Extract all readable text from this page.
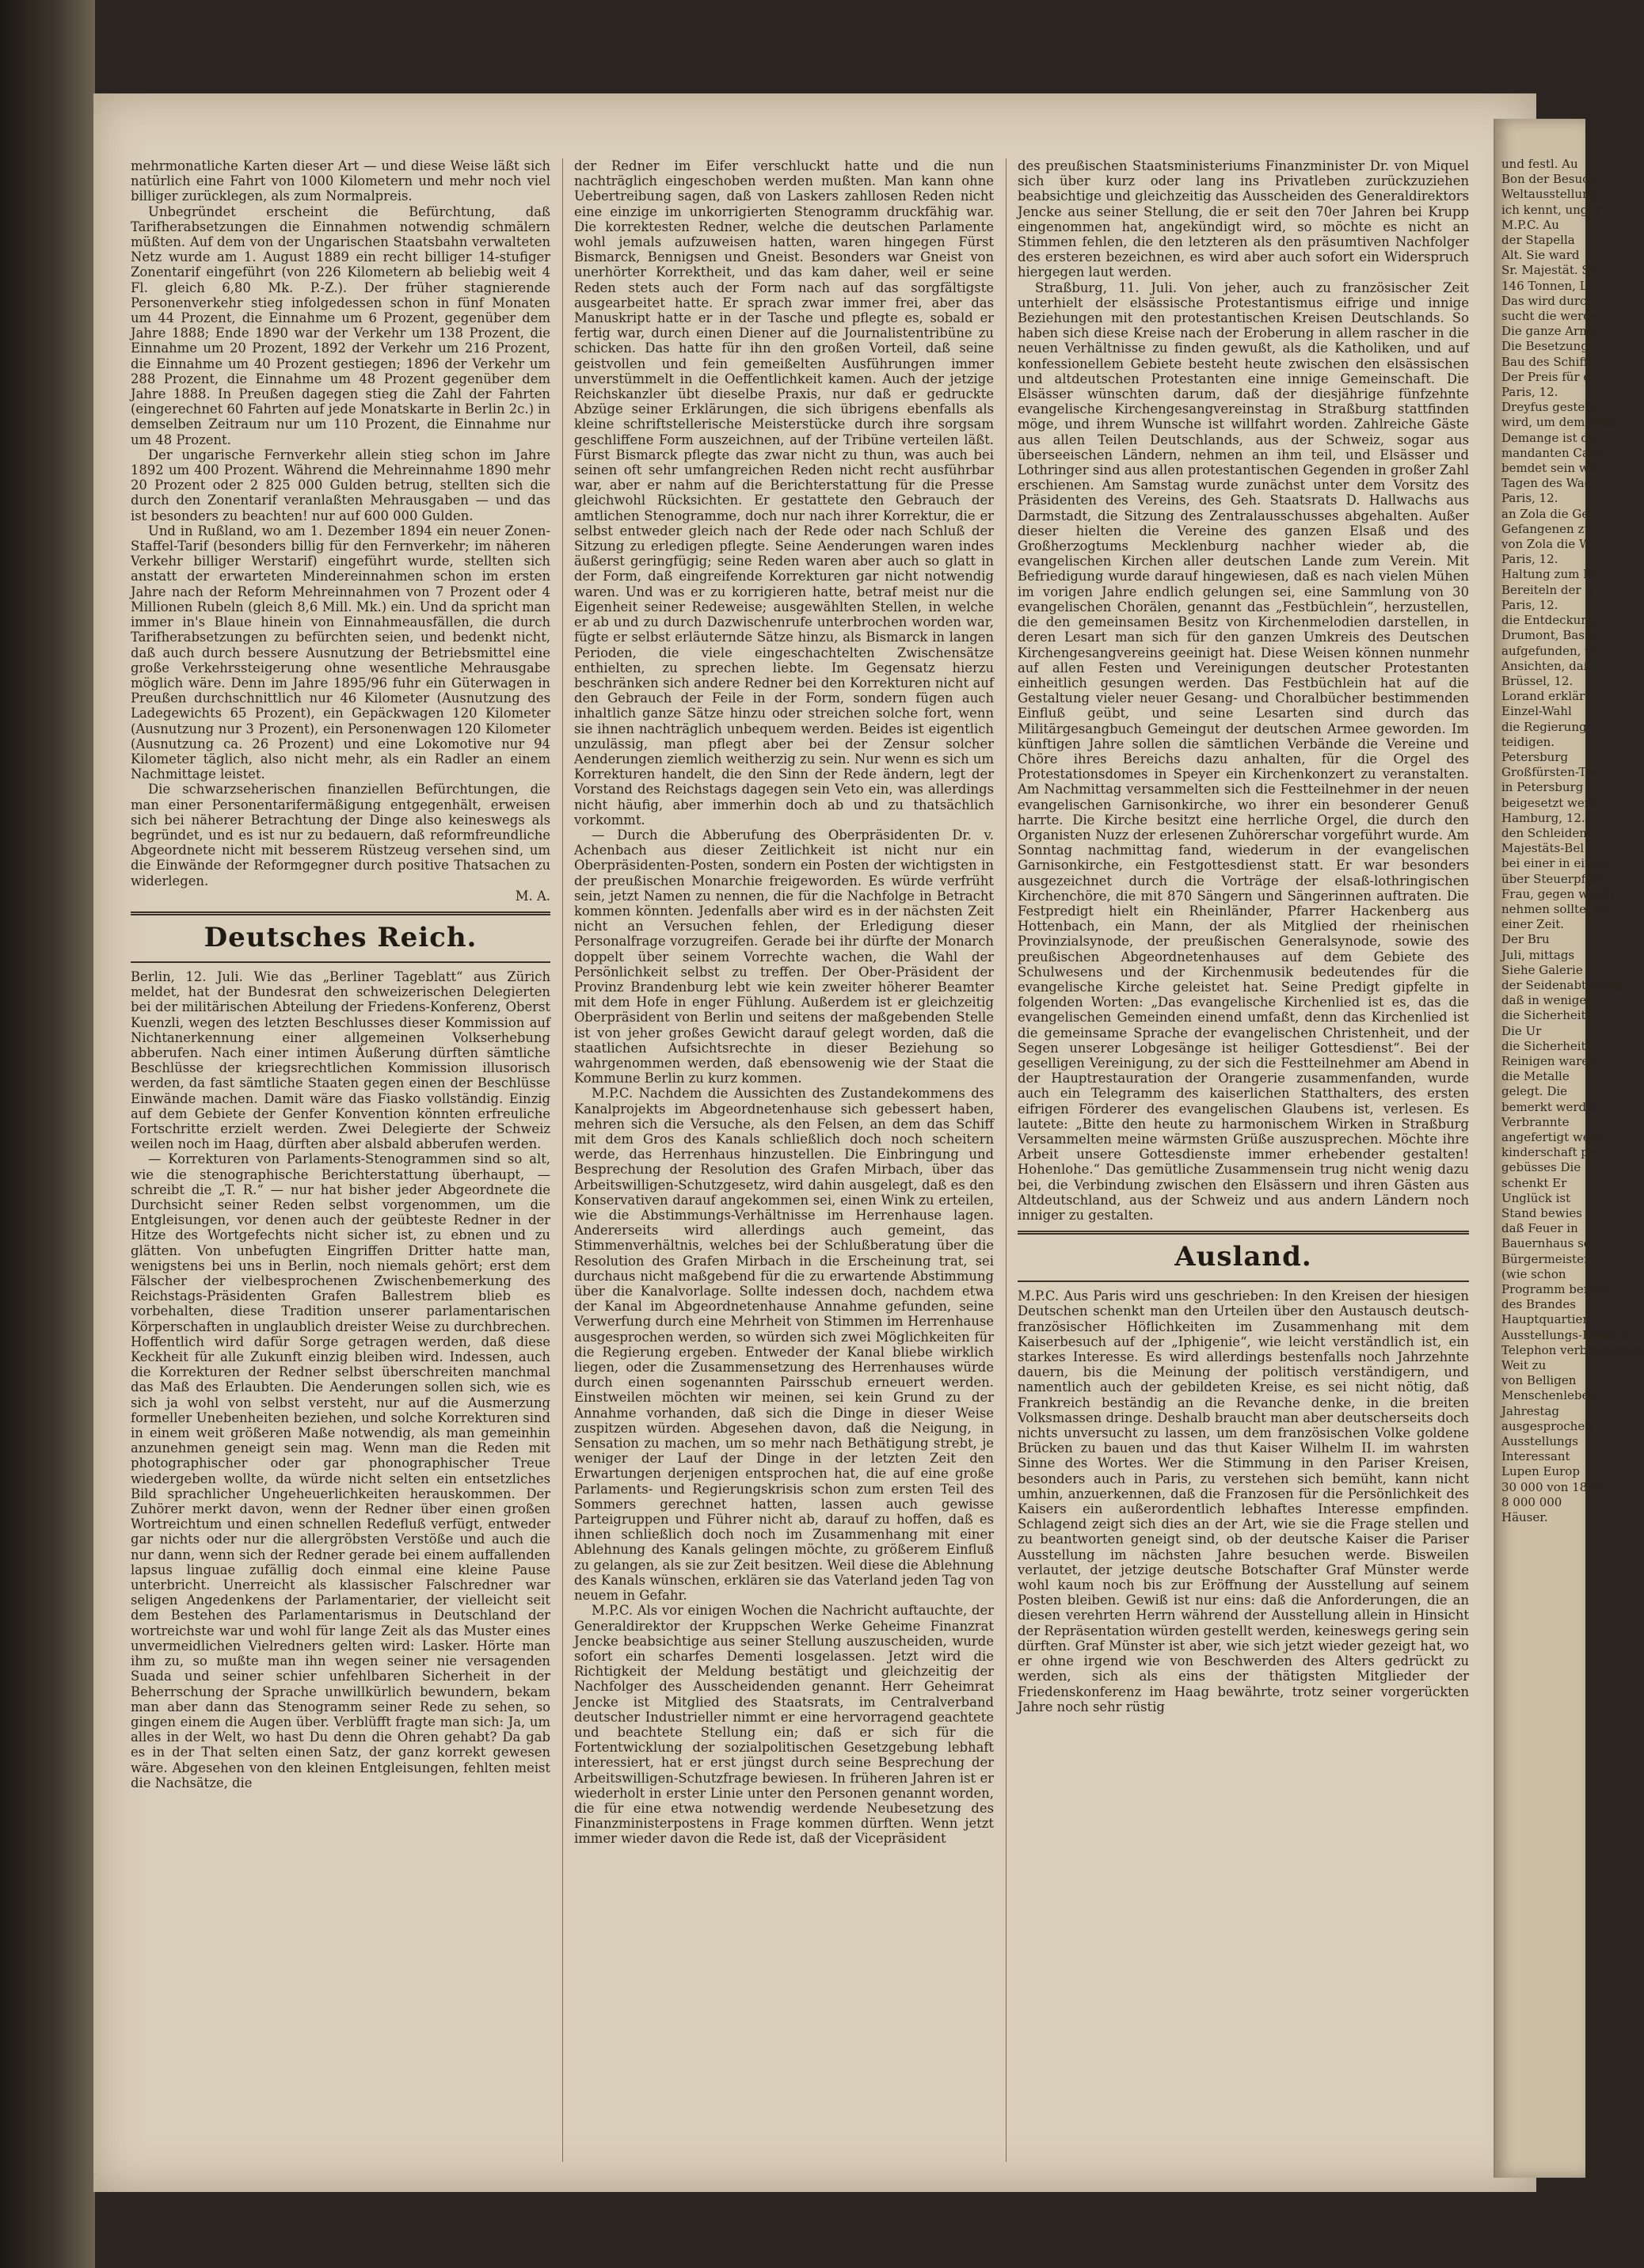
mehrmonatliche Karten dieser Art — und diese Weise läßt sich natürlich eine Fahrt von 1000 Kilometern und mehr noch viel billiger zurücklegen, als zum Normalpreis.

Unbegründet erscheint die Befürchtung, daß Tarifherabsetzungen die Einnahmen notwendig schmälern müßten. Auf dem von der Ungarischen Staatsbahn verwalteten Netz wurde am 1. August 1889 ein recht billiger 14-stufiger Zonentarif eingeführt (von 226 Kilometern ab beliebig weit 4 Fl. gleich 6,80 Mk. P.-Z.). Der früher stagnierende Personenverkehr stieg infolgedessen schon in fünf Monaten um 44 Prozent, die Einnahme um 6 Prozent, gegenüber dem Jahre 1888; Ende 1890 war der Verkehr um 138 Prozent, die Einnahme um 20 Prozent, 1892 der Verkehr um 216 Prozent, die Einnahme um 40 Prozent gestiegen; 1896 der Verkehr um 288 Prozent, die Einnahme um 48 Prozent gegenüber dem Jahre 1888. In Preußen dagegen stieg die Zahl der Fahrten (eingerechnet 60 Fahrten auf jede Monatskarte in Berlin 2c.) in demselben Zeitraum nur um 110 Prozent, die Einnahme nur um 48 Prozent.

Der ungarische Fernverkehr allein stieg schon im Jahre 1892 um 400 Prozent. Während die Mehreinnahme 1890 mehr 20 Prozent oder 2 825 000 Gulden betrug, stellten sich die durch den Zonentarif veranlaßten Mehrausgaben — und das ist besonders zu beachten! nur auf 600 000 Gulden.

Und in Rußland, wo am 1. Dezember 1894 ein neuer Zonen-Staffel-Tarif (besonders billig für den Fernverkehr; im näheren Verkehr billiger Werstarif) eingeführt wurde, stellten sich anstatt der erwarteten Mindereinnahmen schon im ersten Jahre nach der Reform Mehreinnahmen von 7 Prozent oder 4 Millionen Rubeln (gleich 8,6 Mill. Mk.) ein. Und da spricht man immer in's Blaue hinein von Einnahmeausfällen, die durch Tarifherabsetzungen zu befürchten seien, und bedenkt nicht, daß auch durch bessere Ausnutzung der Betriebsmittel eine große Verkehrssteigerung ohne wesentliche Mehrausgabe möglich wäre. Denn im Jahre 1895/96 fuhr ein Güterwagen in Preußen durchschnittlich nur 46 Kilometer (Ausnutzung des Ladegewichts 65 Prozent), ein Gepäckwagen 120 Kilometer (Ausnutzung nur 3 Prozent), ein Personenwagen 120 Kilometer (Ausnutzung ca. 26 Prozent) und eine Lokomotive nur 94 Kilometer täglich, also nicht mehr, als ein Radler an einem Nachmittage leistet.

Die schwarzseherischen finanziellen Befürchtungen, die man einer Personentarifermäßigung entgegenhält, erweisen sich bei näherer Betrachtung der Dinge also keineswegs als begründet, und es ist nur zu bedauern, daß reformfreundliche Abgeordnete nicht mit besserem Rüstzeug versehen sind, um die Einwände der Reformgegner durch positive Thatsachen zu widerlegen.

M. A.

Deutsches Reich.

Berlin, 12. Juli. Wie das „Berliner Tageblatt“ aus Zürich meldet, hat der Bundesrat den schweizerischen Delegierten bei der militärischen Abteilung der Friedens-Konferenz, Oberst Kuenzli, wegen des letzten Beschlusses dieser Kommission auf Nichtanerkennung einer allgemeinen Volkserhebung abberufen. Nach einer intimen Äußerung dürften sämtliche Beschlüsse der kriegsrechtlichen Kommission illusorisch werden, da fast sämtliche Staaten gegen einen der Beschlüsse Einwände machen. Damit wäre das Fiasko vollständig. Einzig auf dem Gebiete der Genfer Konvention könnten erfreuliche Fortschritte erzielt werden. Zwei Delegierte der Schweiz weilen noch im Haag, dürften aber alsbald abberufen werden.

— Korrekturen von Parlaments-Stenogrammen sind so alt, wie die stenographische Berichterstattung überhaupt, — schreibt die „T. R.“ — nur hat bisher jeder Abgeordnete die Durchsicht seiner Reden selbst vorgenommen, um die Entgleisungen, vor denen auch der geübteste Redner in der Hitze des Wortgefechts nicht sicher ist, zu ebnen und zu glätten. Von unbefugten Eingriffen Dritter hatte man, wenigstens bei uns in Berlin, noch niemals gehört; erst dem Fälscher der vielbesprochenen Zwischenbemerkung des Reichstags-Präsidenten Grafen Ballestrem blieb es vorbehalten, diese Tradition unserer parlamentarischen Körperschaften in unglaublich dreister Weise zu durchbrechen. Hoffentlich wird dafür Sorge getragen werden, daß diese Keckheit für alle Zukunft einzig bleiben wird. Indessen, auch die Korrekturen der Redner selbst überschreiten manchmal das Maß des Erlaubten. Die Aenderungen sollen sich, wie es sich ja wohl von selbst versteht, nur auf die Ausmerzung formeller Unebenheiten beziehen, und solche Korrekturen sind in einem weit größeren Maße notwendig, als man gemeinhin anzunehmen geneigt sein mag. Wenn man die Reden mit photographischer oder gar phonographischer Treue wiedergeben wollte, da würde nicht selten ein entsetzliches Bild sprachlicher Ungeheuerlichkeiten herauskommen. Der Zuhörer merkt davon, wenn der Redner über einen großen Wortreichtum und einen schnellen Redefluß verfügt, entweder gar nichts oder nur die allergröbsten Verstöße und auch die nur dann, wenn sich der Redner gerade bei einem auffallenden lapsus linguae zufällig doch einmal eine kleine Pause unterbricht. Unerreicht als klassischer Falschredner war seligen Angedenkens der Parlamentarier, der vielleicht seit dem Bestehen des Parlamentarismus in Deutschland der wortreichste war und wohl für lange Zeit als das Muster eines unvermeidlichen Vielredners gelten wird: Lasker. Hörte man ihm zu, so mußte man ihn wegen seiner nie versagenden Suada und seiner schier unfehlbaren Sicherheit in der Beherrschung der Sprache unwillkürlich bewundern, bekam man aber dann das Stenogramm seiner Rede zu sehen, so gingen einem die Augen über. Verblüfft fragte man sich: Ja, um alles in der Welt, wo hast Du denn die Ohren gehabt? Da gab es in der That selten einen Satz, der ganz korrekt gewesen wäre. Abgesehen von den kleinen Entgleisungen, fehlten meist die Nachsätze, die

der Redner im Eifer verschluckt hatte und die nun nachträglich eingeschoben werden mußten. Man kann ohne Uebertreibung sagen, daß von Laskers zahllosen Reden nicht eine einzige im unkorrigierten Stenogramm druckfähig war. Die korrektesten Redner, welche die deutschen Parlamente wohl jemals aufzuweisen hatten, waren hingegen Fürst Bismarck, Bennigsen und Gneist. Besonders war Gneist von unerhörter Korrektheit, und das kam daher, weil er seine Reden stets auch der Form nach auf das sorgfältigste ausgearbeitet hatte. Er sprach zwar immer frei, aber das Manuskript hatte er in der Tasche und pflegte es, sobald er fertig war, durch einen Diener auf die Journalistentribüne zu schicken. Das hatte für ihn den großen Vorteil, daß seine geistvollen und fein gemeißelten Ausführungen immer unverstümmelt in die Oeffentlichkeit kamen. Auch der jetzige Reichskanzler übt dieselbe Praxis, nur daß er gedruckte Abzüge seiner Erklärungen, die sich übrigens ebenfalls als kleine schriftstellerische Meisterstücke durch ihre sorgsam geschliffene Form auszeichnen, auf der Tribüne verteilen läßt. Fürst Bismarck pflegte das zwar nicht zu thun, was auch bei seinen oft sehr umfangreichen Reden nicht recht ausführbar war, aber er nahm auf die Berichterstattung für die Presse gleichwohl Rücksichten. Er gestattete den Gebrauch der amtlichen Stenogramme, doch nur nach ihrer Korrektur, die er selbst entweder gleich nach der Rede oder nach Schluß der Sitzung zu erledigen pflegte. Seine Aenderungen waren indes äußerst geringfügig; seine Reden waren aber auch so glatt in der Form, daß eingreifende Korrekturen gar nicht notwendig waren. Und was er zu korrigieren hatte, betraf meist nur die Eigenheit seiner Redeweise; ausgewählten Stellen, in welche er ab und zu durch Dazwischenrufe unterbrochen worden war, fügte er selbst erläuternde Sätze hinzu, als Bismarck in langen Perioden, die viele eingeschachtelten Zwischensätze enthielten, zu sprechen liebte. Im Gegensatz hierzu beschränken sich andere Redner bei den Korrekturen nicht auf den Gebrauch der Feile in der Form, sondern fügen auch inhaltlich ganze Sätze hinzu oder streichen solche fort, wenn sie ihnen nachträglich unbequem werden. Beides ist eigentlich unzulässig, man pflegt aber bei der Zensur solcher Aenderungen ziemlich weitherzig zu sein. Nur wenn es sich um Korrekturen handelt, die den Sinn der Rede ändern, legt der Vorstand des Reichstags dagegen sein Veto ein, was allerdings nicht häufig, aber immerhin doch ab und zu thatsächlich vorkommt.

— Durch die Abberufung des Oberpräsidenten Dr. v. Achenbach aus dieser Zeitlichkeit ist nicht nur ein Oberpräsidenten-Posten, sondern ein Posten der wichtigsten in der preußischen Monarchie freigeworden. Es würde verfrüht sein, jetzt Namen zu nennen, die für die Nachfolge in Betracht kommen könnten. Jedenfalls aber wird es in der nächsten Zeit nicht an Versuchen fehlen, der Erledigung dieser Personalfrage vorzugreifen. Gerade bei ihr dürfte der Monarch doppelt über seinem Vorrechte wachen, die Wahl der Persönlichkeit selbst zu treffen. Der Ober-Präsident der Provinz Brandenburg lebt wie kein zweiter höherer Beamter mit dem Hofe in enger Fühlung. Außerdem ist er gleichzeitig Oberpräsident von Berlin und seitens der maßgebenden Stelle ist von jeher großes Gewicht darauf gelegt worden, daß die staatlichen Aufsichtsrechte in dieser Beziehung so wahrgenommen werden, daß ebensowenig wie der Staat die Kommune Berlin zu kurz kommen.

M.P.C. Nachdem die Aussichten des Zustandekommens des Kanalprojekts im Abgeordnetenhause sich gebessert haben, mehren sich die Versuche, als den Felsen, an dem das Schiff mit dem Gros des Kanals schließlich doch noch scheitern werde, das Herrenhaus hinzustellen. Die Einbringung und Besprechung der Resolution des Grafen Mirbach, über das Arbeitswilligen-Schutzgesetz, wird dahin ausgelegt, daß es den Konservativen darauf angekommen sei, einen Wink zu erteilen, wie die Abstimmungs-Verhältnisse im Herrenhause lagen. Andererseits wird allerdings auch gemeint, das Stimmenverhältnis, welches bei der Schlußberatung über die Resolution des Grafen Mirbach in die Erscheinung trat, sei durchaus nicht maßgebend für die zu erwartende Abstimmung über die Kanalvorlage. Sollte indessen doch, nachdem etwa der Kanal im Abgeordnetenhause Annahme gefunden, seine Verwerfung durch eine Mehrheit von Stimmen im Herrenhause ausgesprochen werden, so würden sich zwei Möglichkeiten für die Regierung ergeben. Entweder der Kanal bliebe wirklich liegen, oder die Zusammensetzung des Herrenhauses würde durch einen sogenannten Pairsschub erneuert werden. Einstweilen möchten wir meinen, sei kein Grund zu der Annahme vorhanden, daß sich die Dinge in dieser Weise zuspitzen würden. Abgesehen davon, daß die Neigung, in Sensation zu machen, um so mehr nach Bethätigung strebt, je weniger der Lauf der Dinge in der letzten Zeit den Erwartungen derjenigen entsprochen hat, die auf eine große Parlaments- und Regierungskrisis schon zum ersten Teil des Sommers gerechnet hatten, lassen auch gewisse Parteigruppen und Führer nicht ab, darauf zu hoffen, daß es ihnen schließlich doch noch im Zusammenhang mit einer Ablehnung des Kanals gelingen möchte, zu größerem Einfluß zu gelangen, als sie zur Zeit besitzen. Weil diese die Ablehnung des Kanals wünschen, erklären sie das Vaterland jeden Tag von neuem in Gefahr.

M.P.C. Als vor einigen Wochen die Nachricht auftauchte, der Generaldirektor der Kruppschen Werke Geheime Finanzrat Jencke beabsichtige aus seiner Stellung auszuscheiden, wurde sofort ein scharfes Dementi losgelassen. Jetzt wird die Richtigkeit der Meldung bestätigt und gleichzeitig der Nachfolger des Ausscheidenden genannt. Herr Geheimrat Jencke ist Mitglied des Staatsrats, im Centralverband deutscher Industrieller nimmt er eine hervorragend geachtete und beachtete Stellung ein; daß er sich für die Fortentwicklung der sozialpolitischen Gesetzgebung lebhaft interessiert, hat er erst jüngst durch seine Besprechung der Arbeitswilligen-Schutzfrage bewiesen. In früheren Jahren ist er wiederholt in erster Linie unter den Personen genannt worden, die für eine etwa notwendig werdende Neubesetzung des Finanzministerpostens in Frage kommen dürften. Wenn jetzt immer wieder davon die Rede ist, daß der Vicepräsident

des preußischen Staatsministeriums Finanzminister Dr. von Miquel sich über kurz oder lang ins Privatleben zurückzuziehen beabsichtige und gleichzeitig das Ausscheiden des Generaldirektors Jencke aus seiner Stellung, die er seit den 70er Jahren bei Krupp eingenommen hat, angekündigt wird, so möchte es nicht an Stimmen fehlen, die den letzteren als den präsumtiven Nachfolger des ersteren bezeichnen, es wird aber auch sofort ein Widerspruch hiergegen laut werden.

Straßburg, 11. Juli. Von jeher, auch zu französischer Zeit unterhielt der elsässische Protestantismus eifrige und innige Beziehungen mit den protestantischen Kreisen Deutschlands. So haben sich diese Kreise nach der Eroberung in allem rascher in die neuen Verhältnisse zu finden gewußt, als die Katholiken, und auf konfessionellem Gebiete besteht heute zwischen den elsässischen und altdeutschen Protestanten eine innige Gemeinschaft. Die Elsässer wünschten darum, daß der diesjährige fünfzehnte evangelische Kirchengesangvereinstag in Straßburg stattfinden möge, und ihrem Wunsche ist willfahrt worden. Zahlreiche Gäste aus allen Teilen Deutschlands, aus der Schweiz, sogar aus überseeischen Ländern, nehmen an ihm teil, und Elsässer und Lothringer sind aus allen protestantischen Gegenden in großer Zahl erschienen. Am Samstag wurde zunächst unter dem Vorsitz des Präsidenten des Vereins, des Geh. Staatsrats D. Hallwachs aus Darmstadt, die Sitzung des Zentralausschusses abgehalten. Außer dieser hielten die Vereine des ganzen Elsaß und des Großherzogtums Mecklenburg nachher wieder ab, die evangelischen Kirchen aller deutschen Lande zum Verein. Mit Befriedigung wurde darauf hingewiesen, daß es nach vielen Mühen im vorigen Jahre endlich gelungen sei, eine Sammlung von 30 evangelischen Chorälen, genannt das „Festbüchlein“, herzustellen, die den gemeinsamen Besitz von Kirchenmelodien darstellen, in deren Lesart man sich für den ganzen Umkreis des Deutschen Kirchengesangvereins geeinigt hat. Diese Weisen können nunmehr auf allen Festen und Vereinigungen deutscher Protestanten einheitlich gesungen werden. Das Festbüchlein hat auf die Gestaltung vieler neuer Gesang- und Choralbücher bestimmenden Einfluß geübt, und seine Lesarten sind durch das Militärgesangbuch Gemeingut der deutschen Armee geworden. Im künftigen Jahre sollen die sämtlichen Verbände die Vereine und Chöre ihres Bereichs dazu anhalten, für die Orgel des Protestationsdomes in Speyer ein Kirchenkonzert zu veranstalten. Am Nachmittag versammelten sich die Festteilnehmer in der neuen evangelischen Garnisonkirche, wo ihrer ein besonderer Genuß harrte. Die Kirche besitzt eine herrliche Orgel, die durch den Organisten Nuzz der erlesenen Zuhörerschar vorgeführt wurde. Am Sonntag nachmittag fand, wiederum in der evangelischen Garnisonkirche, ein Festgottesdienst statt. Er war besonders ausgezeichnet durch die Vorträge der elsaß-lothringischen Kirchenchöre, die mit 870 Sängern und Sängerinnen auftraten. Die Festpredigt hielt ein Rheinländer, Pfarrer Hackenberg aus Hottenbach, ein Mann, der als Mitglied der rheinischen Provinzialsynode, der preußischen Generalsynode, sowie des preußischen Abgeordnetenhauses auf dem Gebiete des Schulwesens und der Kirchenmusik bedeutendes für die evangelische Kirche geleistet hat. Seine Predigt gipfelte in folgenden Worten: „Das evangelische Kirchenlied ist es, das die evangelischen Gemeinden einend umfaßt, denn das Kirchenlied ist die gemeinsame Sprache der evangelischen Christenheit, und der Segen unserer Lobgesänge ist heiliger Gottesdienst“. Bei der geselligen Vereinigung, zu der sich die Festteilnehmer am Abend in der Hauptrestauration der Orangerie zusammenfanden, wurde auch ein Telegramm des kaiserlichen Statthalters, des ersten eifrigen Förderer des evangelischen Glaubens ist, verlesen. Es lautete: „Bitte den heute zu harmonischem Wirken in Straßburg Versammelten meine wärmsten Grüße auszusprechen. Möchte ihre Arbeit unsere Gottesdienste immer erhebender gestalten! Hohenlohe.“ Das gemütliche Zusammensein trug nicht wenig dazu bei, die Verbindung zwischen den Elsässern und ihren Gästen aus Altdeutschland, aus der Schweiz und aus andern Ländern noch inniger zu gestalten.

Ausland.

M.P.C. Aus Paris wird uns geschrieben: In den Kreisen der hiesigen Deutschen schenkt man den Urteilen über den Austausch deutsch-französischer Höflichkeiten im Zusammenhang mit dem Kaiserbesuch auf der „Iphigenie“, wie leicht verständlich ist, ein starkes Interesse. Es wird allerdings bestenfalls noch Jahrzehnte dauern, bis die Meinung der politisch verständigern, und namentlich auch der gebildeten Kreise, es sei nicht nötig, daß Frankreich beständig an die Revanche denke, in die breiten Volksmassen dringe. Deshalb braucht man aber deutscherseits doch nichts unversucht zu lassen, um dem französischen Volke goldene Brücken zu bauen und das thut Kaiser Wilhelm II. im wahrsten Sinne des Wortes. Wer die Stimmung in den Pariser Kreisen, besonders auch in Paris, zu verstehen sich bemüht, kann nicht umhin, anzuerkennen, daß die Franzosen für die Persönlichkeit des Kaisers ein außerordentlich lebhaftes Interesse empfinden. Schlagend zeigt sich dies an der Art, wie sie die Frage stellen und zu beantworten geneigt sind, ob der deutsche Kaiser die Pariser Ausstellung im nächsten Jahre besuchen werde. Bisweilen verlautet, der jetzige deutsche Botschafter Graf Münster werde wohl kaum noch bis zur Eröffnung der Ausstellung auf seinem Posten bleiben. Gewiß ist nur eins: daß die Anforderungen, die an diesen verehrten Herrn während der Ausstellung allein in Hinsicht der Repräsentation würden gestellt werden, keineswegs gering sein dürften. Graf Münster ist aber, wie sich jetzt wieder gezeigt hat, wo er ohne irgend wie von Beschwerden des Alters gedrückt zu werden, sich als eins der thätigsten Mitglieder der Friedenskonferenz im Haag bewährte, trotz seiner vorgerückten Jahre noch sehr rüstig

und festl. Au

Bon der Besuch

Weltausstellung

ich kennt, unger

M.P.C. Au

der Stapella

Alt. Sie ward

Sr. Majestät. Sie

146 Tonnen, L

Das wird durch

sucht die werden

Die ganze Arma

Die Besetzung

Bau des Schiffe

Der Preis für d

Paris, 12.

Dreyfus gestern

wird, um dem Stud

Demange ist die

mandanten Carr

bemdet sein wir

Tagen des Wag

Paris, 12.

an Zola die Ge

Gefangenen zu

von Zola die W

Paris, 12.

Haltung zum Pr

Bereiteln der d

Paris, 12.

die Entdeckung

Drumont, Basso

aufgefunden, we

Ansichten, daß

Brüssel, 12.

Lorand erklärt

Einzel-Wahl

die Regierung

teidigen.

Petersburg

Großfürsten-Thr

in Petersburg

beigesetzt werde

Hamburg, 12.

den Schleiden

Majestäts-Bel

bei einer in einem

über Steuerpflich

Frau, gegen welch

nehmen sollte, wo

einer Zeit.

Der Bru

Juli, mittags

Siehe Galerie

der Seidenabteilung

daß in wenigen

die Sicherheit

Die Ur

die Sicherheit

Reinigen waren

die Metalle

gelegt. Die

bemerkt werden

Verbrannte

angefertigt werd

kinderschaft per

gebüsses Die

schenkt Er

Unglück ist

Stand bewies

daß Feuer in

Bauernhaus sc

Bürgermeister

(wie schon

Programm bericht

des Brandes

Hauptquartier

Ausstellungs-Komitee

Telephon verbindungen

Weit zu

von Belligen

Menschenleben

Jahrestag

ausgesprochen

Ausstellungs

Interessant

Lupen Europ

30 000 von 1810

8 000 000

Häuser.
